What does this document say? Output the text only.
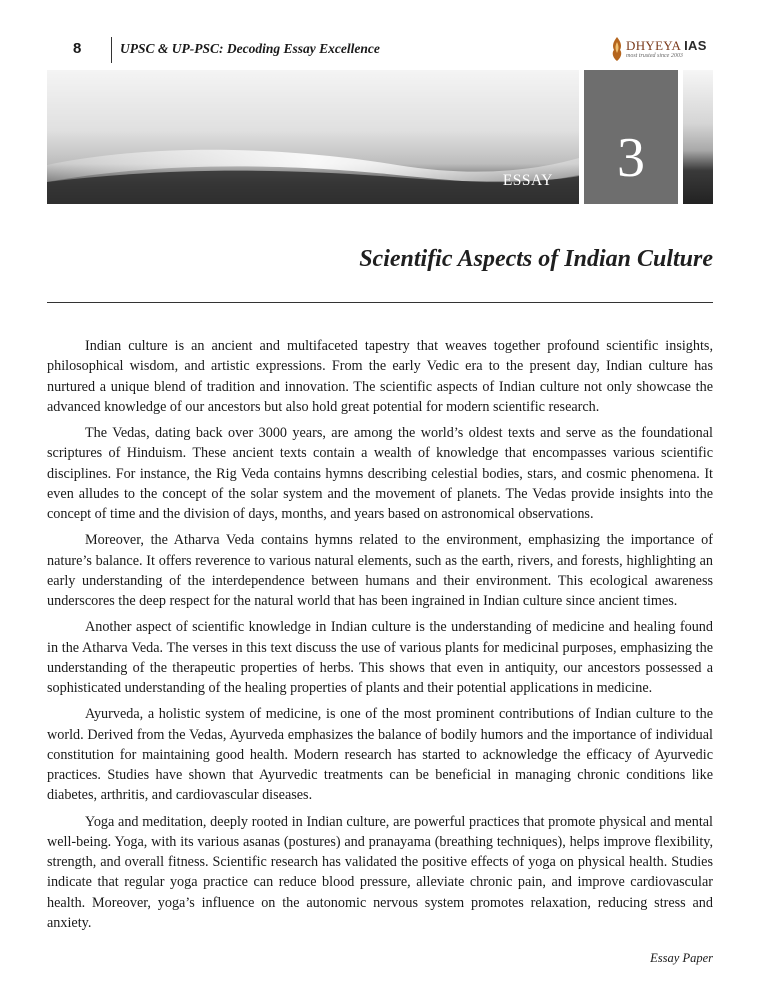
8	UPSC & UP-PSC: Decoding Essay Excellence	DHYEYA IAS
most trusted since 2003
ESSAY	3
Scientific Aspects of Indian Culture

Indian culture is an ancient and multifaceted tapestry that weaves together profound scientific insights, philosophical wisdom, and artistic expressions. From the early Vedic era to the present day, Indian culture has nurtured a unique blend of tradition and innovation. The scientific aspects of Indian culture not only showcase the advanced knowledge of our ancestors but also hold great potential for modern scientific research.

The Vedas, dating back over 3000 years, are among the world’s oldest texts and serve as the foundational scriptures of Hinduism. These ancient texts contain a wealth of knowledge that encompasses various scientific disciplines. For instance, the Rig Veda contains hymns describing celestial bodies, stars, and cosmic phenomena. It even alludes to the concept of the solar system and the movement of planets. The Vedas provide insights into the concept of time and the division of days, months, and years based on astronomical observations.

Moreover, the Atharva Veda contains hymns related to the environment, emphasizing the importance of nature’s balance. It offers reverence to various natural elements, such as the earth, rivers, and forests, highlighting an early understanding of the interdependence between humans and their environment. This ecological awareness underscores the deep respect for the natural world that has been ingrained in Indian culture since ancient times.

Another aspect of scientific knowledge in Indian culture is the understanding of medicine and healing found in the Atharva Veda. The verses in this text discuss the use of various plants for medicinal purposes, emphasizing the understanding of the therapeutic properties of herbs. This shows that even in antiquity, our ancestors possessed a sophisticated understanding of the healing properties of plants and their potential applications in medicine.

Ayurveda, a holistic system of medicine, is one of the most prominent contributions of Indian culture to the world. Derived from the Vedas, Ayurveda emphasizes the balance of bodily humors and the importance of individual constitution for maintaining good health. Modern research has started to acknowledge the efficacy of Ayurvedic practices. Studies have shown that Ayurvedic treatments can be beneficial in managing chronic conditions like diabetes, arthritis, and cardiovascular diseases.

Yoga and meditation, deeply rooted in Indian culture, are powerful practices that promote physical and mental well-being. Yoga, with its various asanas (postures) and pranayama (breathing techniques), helps improve flexibility, strength, and overall fitness. Scientific research has validated the positive effects of yoga on physical health. Studies indicate that regular yoga practice can reduce blood pressure, alleviate chronic pain, and improve cardiovascular health. Moreover, yoga’s influence on the autonomic nervous system promotes relaxation, reducing stress and anxiety.

Essay Paper
